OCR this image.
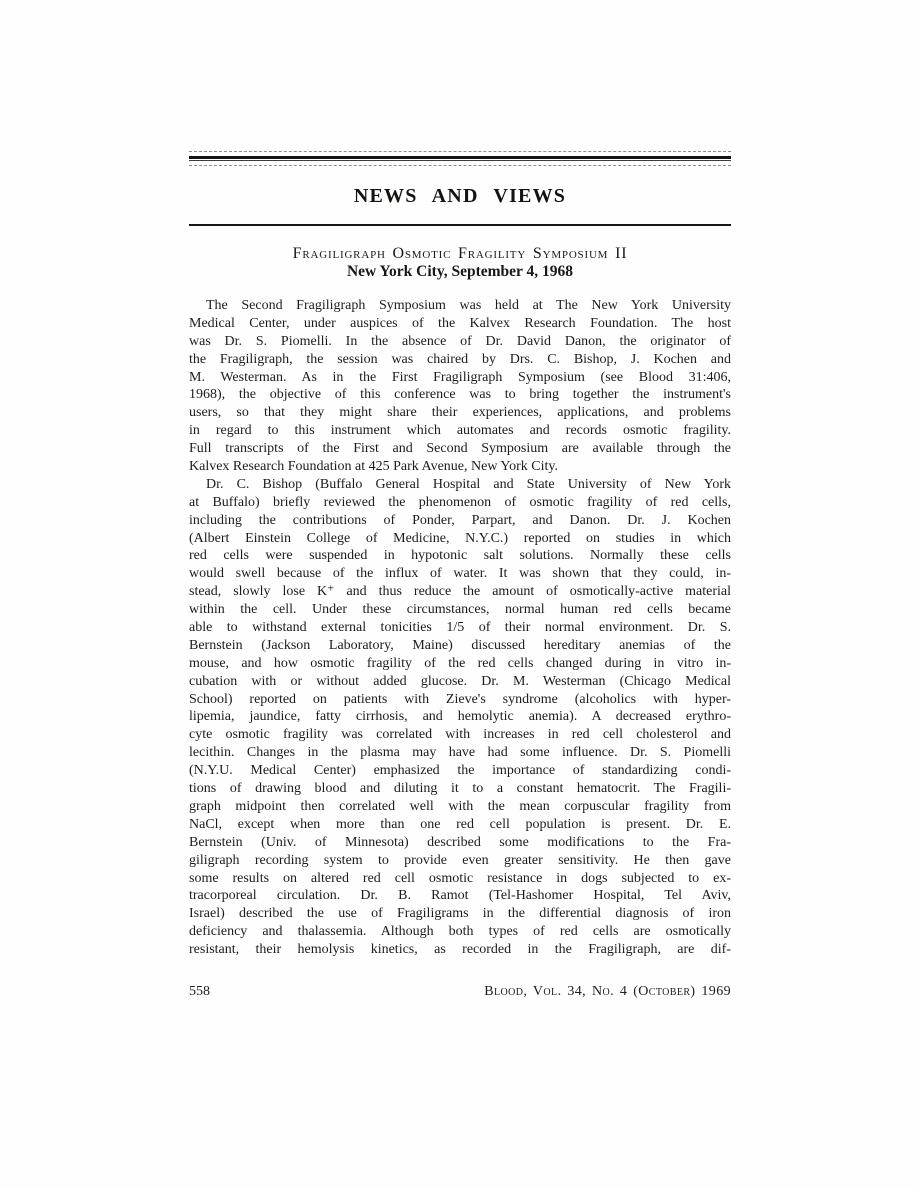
NEWS AND VIEWS
Fragiligraph Osmotic Fragility Symposium II
New York City, September 4, 1968
The Second Fragiligraph Symposium was held at The New York University
Medical Center, under auspices of the Kalvex Research Foundation. The host
was Dr. S. Piomelli. In the absence of Dr. David Danon, the originator of
the Fragiligraph, the session was chaired by Drs. C. Bishop, J. Kochen and
M. Westerman. As in the First Fragiligraph Symposium (see Blood 31:406,
1968), the objective of this conference was to bring together the instrument's
users, so that they might share their experiences, applications, and problems
in regard to this instrument which automates and records osmotic fragility.
Full transcripts of the First and Second Symposium are available through the
Kalvex Research Foundation at 425 Park Avenue, New York City.
Dr. C. Bishop (Buffalo General Hospital and State University of New York
at Buffalo) briefly reviewed the phenomenon of osmotic fragility of red cells,
including the contributions of Ponder, Parpart, and Danon. Dr. J. Kochen
(Albert Einstein College of Medicine, N.Y.C.) reported on studies in which
red cells were suspended in hypotonic salt solutions. Normally these cells
would swell because of the influx of water. It was shown that they could, in-
stead, slowly lose K⁺ and thus reduce the amount of osmotically-active material
within the cell. Under these circumstances, normal human red cells became
able to withstand external tonicities 1/5 of their normal environment. Dr. S.
Bernstein (Jackson Laboratory, Maine) discussed hereditary anemias of the
mouse, and how osmotic fragility of the red cells changed during in vitro in-
cubation with or without added glucose. Dr. M. Westerman (Chicago Medical
School) reported on patients with Zieve's syndrome (alcoholics with hyper-
lipemia, jaundice, fatty cirrhosis, and hemolytic anemia). A decreased erythro-
cyte osmotic fragility was correlated with increases in red cell cholesterol and
lecithin. Changes in the plasma may have had some influence. Dr. S. Piomelli
(N.Y.U. Medical Center) emphasized the importance of standardizing condi-
tions of drawing blood and diluting it to a constant hematocrit. The Fragili-
graph midpoint then correlated well with the mean corpuscular fragility from
NaCl, except when more than one red cell population is present. Dr. E.
Bernstein (Univ. of Minnesota) described some modifications to the Fra-
giligraph recording system to provide even greater sensitivity. He then gave
some results on altered red cell osmotic resistance in dogs subjected to ex-
tracorporeal circulation. Dr. B. Ramot (Tel-Hashomer Hospital, Tel Aviv,
Israel) described the use of Fragiligrams in the differential diagnosis of iron
deficiency and thalassemia. Although both types of red cells are osmotically
resistant, their hemolysis kinetics, as recorded in the Fragiligraph, are dif-
558	Blood, Vol. 34, No. 4 (October) 1969
